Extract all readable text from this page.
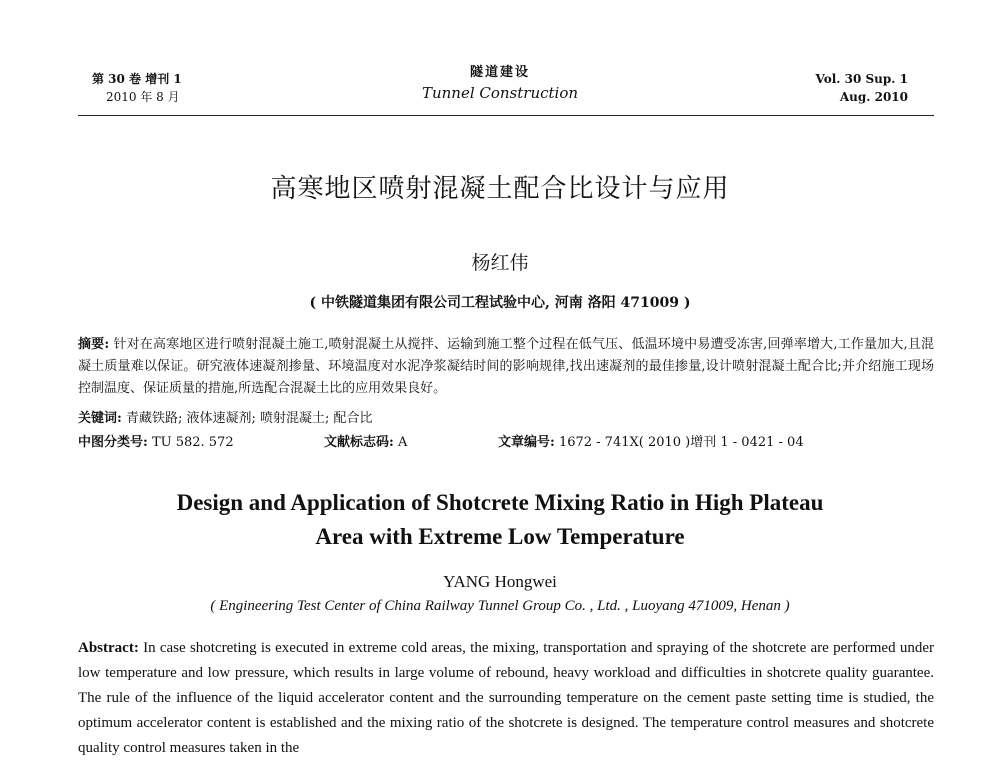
第 30 卷 增刊 1
2010 年 8 月
隧道建设
Tunnel Construction
Vol. 30 Sup. 1
Aug. 2010
高寒地区喷射混凝土配合比设计与应用
杨红伟
( 中铁隧道集团有限公司工程试验中心, 河南 洛阳 471009 )
摘要: 针对在高寒地区进行喷射混凝土施工,喷射混凝土从搅拌、运输到施工整个过程在低气压、低温环境中易遭受冻害,回弹率增大,工作量加大,且混凝土质量难以保证。研究液体速凝剂掺量、环境温度对水泥净浆凝结时间的影响规律,找出速凝剂的最佳掺量,设计喷射混凝土配合比;并介绍施工现场控制温度、保证质量的措施,所选配合混凝土比的应用效果良好。
关键词: 青藏铁路; 液体速凝剂; 喷射混凝土; 配合比
中图分类号: TU 582. 572	文献标志码: A	文章编号: 1672 - 741X( 2010 )增刊 1 - 0421 - 04
Design and Application of Shotcrete Mixing Ratio in High Plateau
Area with Extreme Low Temperature
YANG Hongwei
( Engineering Test Center of China Railway Tunnel Group Co. , Ltd. , Luoyang 471009, Henan )
Abstract: In case shotcreting is executed in extreme cold areas, the mixing, transportation and spraying of the shotcrete are performed under low temperature and low pressure, which results in large volume of rebound, heavy workload and difficulties in shotcrete quality guarantee. The rule of the influence of the liquid accelerator content and the surrounding temperature on the cement paste setting time is studied, the optimum accelerator content is established and the mixing ratio of the shotcrete is designed. The temperature control measures and shotcrete quality control measures taken in the
